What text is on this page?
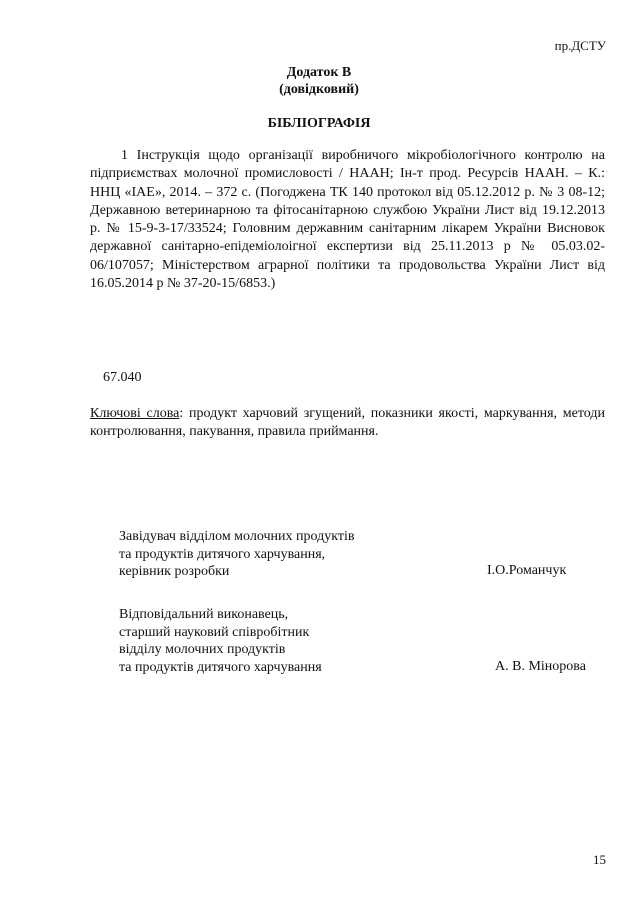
пр.ДСТУ
Додаток В
(довідковий)
БІБЛІОГРАФІЯ
1 Інструкція щодо організації виробничого мікробіологічного контролю на підприємствах молочної промисловості / НААН; Ін-т прод. Ресурсів НААН. – К.: ННЦ «ІАЕ», 2014. – 372 с. (Погоджена ТК 140 протокол від 05.12.2012 р. № 3 08-12; Державною ветеринарною та фітосанітарною службою України Лист від 19.12.2013 р. № 15-9-3-17/33524; Головним державним санітарним лікарем України Висновок державної санітарно-епідеміолоігної експертизи від 25.11.2013 р № 05.03.02-06/107057; Міністерством аграрної політики та продовольства України Лист від 16.05.2014 р № 37-20-15/6853.)
67.040
Ключові слова: продукт харчовий згущений, показники якості, маркування, методи контролювання, пакування, правила приймання.
Завідувач відділом молочних продуктів
та продуктів дитячого харчування,
керівник розробки	І.О.Романчук
Відповідальний виконавець,
старший науковий співробітник
відділу молочних продуктів
та продуктів дитячого харчування	А. В. Мінорова
15
